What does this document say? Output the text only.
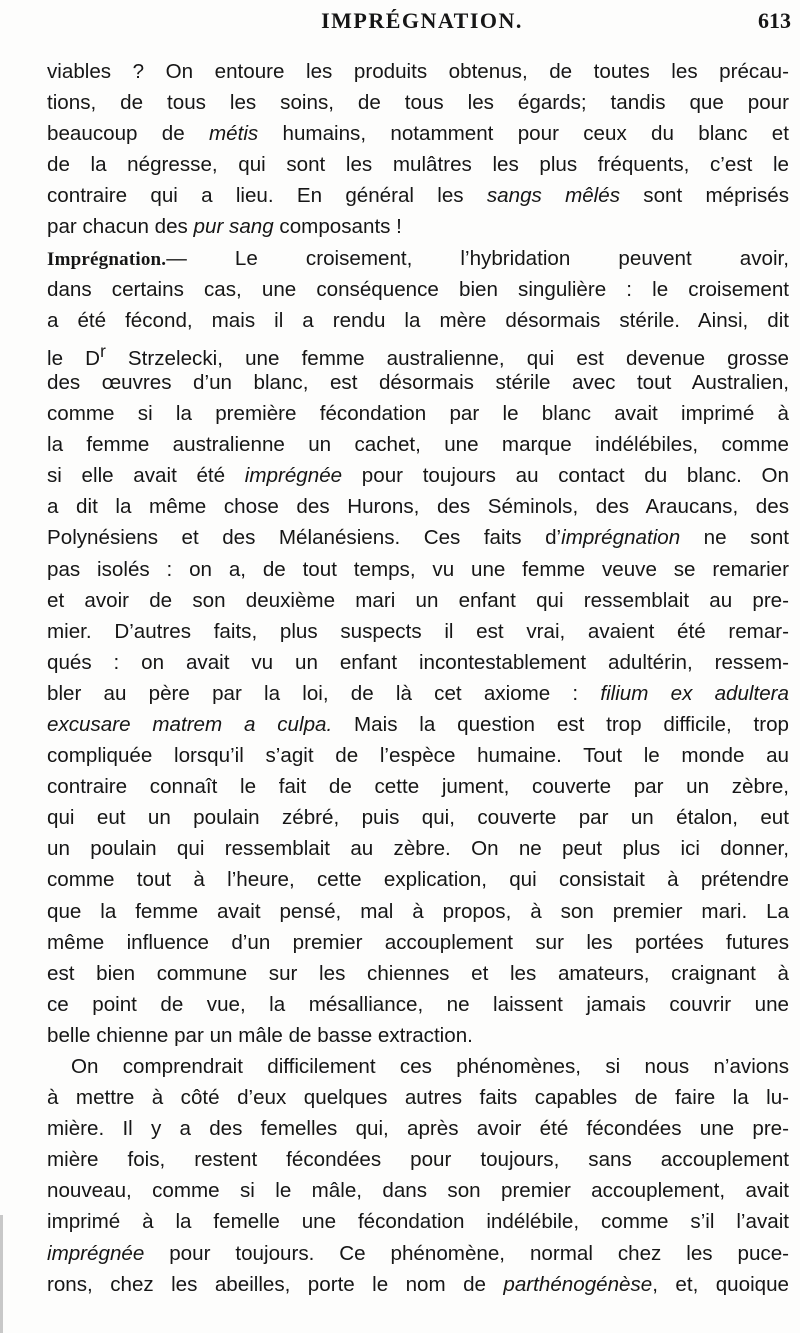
IMPRÉGNATION.	613
viables ? On entoure les produits obtenus, de toutes les précau-
tions, de tous les soins, de tous les égards; tandis que pour
beaucoup de métis humains, notamment pour ceux du blanc et
de la négresse, qui sont les mulâtres les plus fréquents, c’est le
contraire qui a lieu. En général les sangs mêlés sont méprisés
par chacun des pur sang composants !
Imprégnation.— Le croisement, l’hybridation peuvent avoir,
dans certains cas, une conséquence bien singulière : le croisement
a été fécond, mais il a rendu la mère désormais stérile. Ainsi, dit
le $D^r$ Strzelecki, une femme australienne, qui est devenue grosse
des œuvres d’un blanc, est désormais stérile avec tout Australien,
comme si la première fécondation par le blanc avait imprimé à
la femme australienne un cachet, une marque indélébiles, comme
si elle avait été imprégnée pour toujours au contact du blanc. On
a dit la même chose des Hurons, des Séminols, des Araucans, des
Polynésiens et des Mélanésiens. Ces faits d’imprégnation ne sont
pas isolés : on a, de tout temps, vu une femme veuve se remarier
et avoir de son deuxième mari un enfant qui ressemblait au pre-
mier. D’autres faits, plus suspects il est vrai, avaient été remar-
qués : on avait vu un enfant incontestablement adultérin, ressem-
bler au père par la loi, de là cet axiome : filium ex adultera
excusare matrem a culpa. Mais la question est trop difficile, trop
compliquée lorsqu’il s’agit de l’espèce humaine. Tout le monde au
contraire connaît le fait de cette jument, couverte par un zèbre,
qui eut un poulain zébré, puis qui, couverte par un étalon, eut
un poulain qui ressemblait au zèbre. On ne peut plus ici donner,
comme tout à l’heure, cette explication, qui consistait à prétendre
que la femme avait pensé, mal à propos, à son premier mari. La
même influence d’un premier accouplement sur les portées futures
est bien commune sur les chiennes et les amateurs, craignant à
ce point de vue, la mésalliance, ne laissent jamais couvrir une
belle chienne par un mâle de basse extraction.
On comprendrait difficilement ces phénomènes, si nous n’avions
à mettre à côté d’eux quelques autres faits capables de faire la lu-
mière. Il y a des femelles qui, après avoir été fécondées une pre-
mière fois, restent fécondées pour toujours, sans accouplement
nouveau, comme si le mâle, dans son premier accouplement, avait
imprimé à la femelle une fécondation indélébile, comme s’il l’avait
imprégnée pour toujours. Ce phénomène, normal chez les puce-
rons, chez les abeilles, porte le nom de parthénogénèse, et, quoique
